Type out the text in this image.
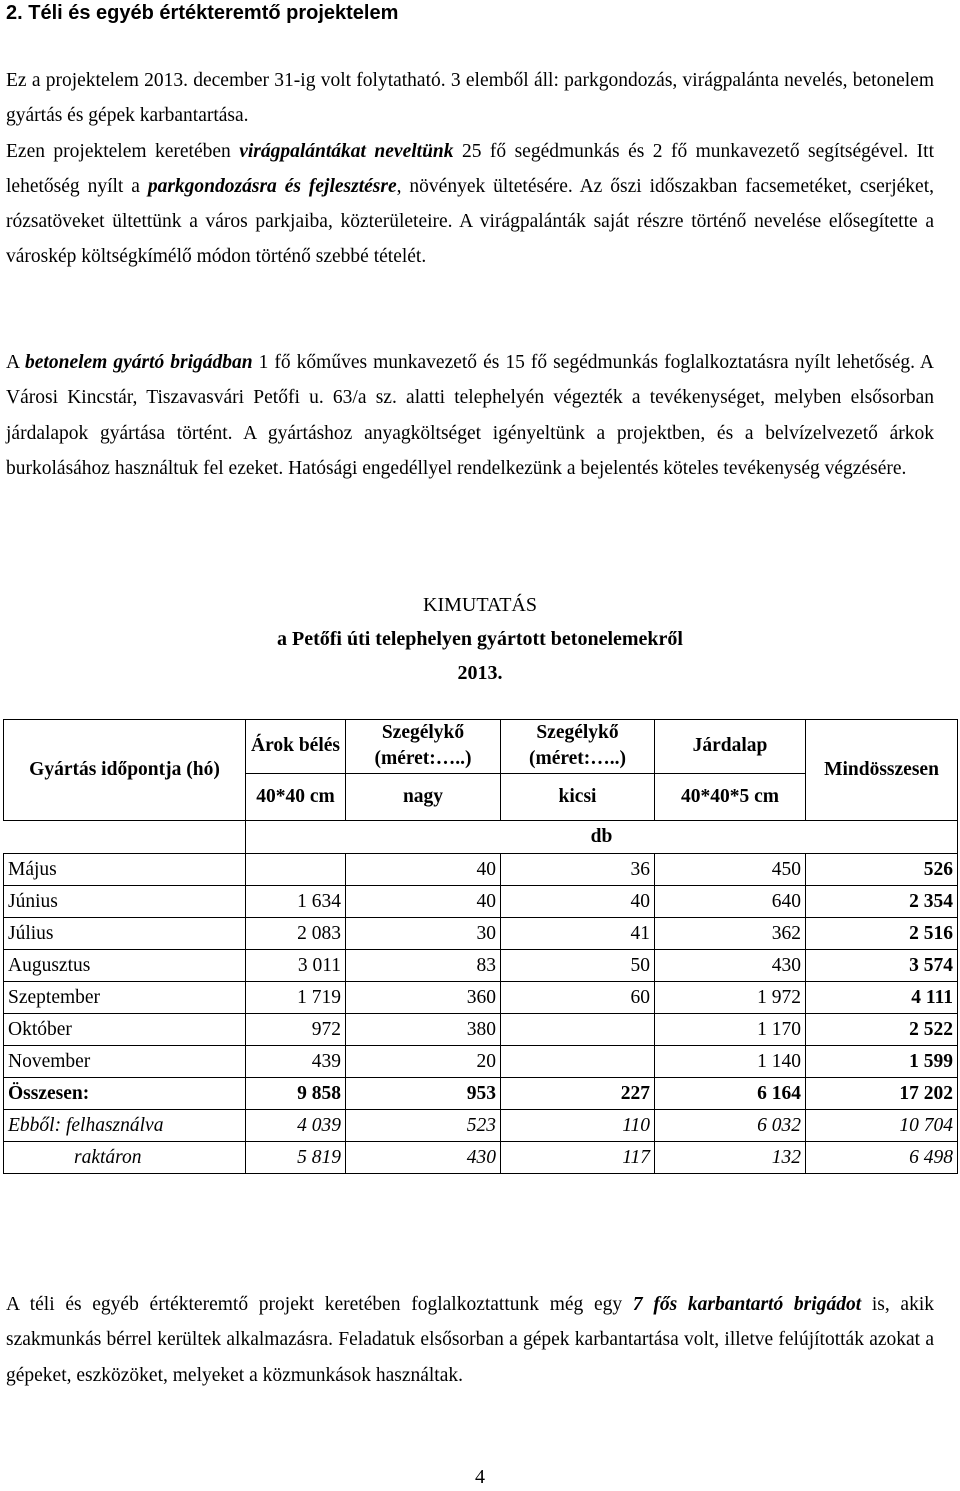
2. Téli és egyéb értékteremtő projektelem
Ez a projektelem 2013. december 31-ig volt folytatható. 3 elemből áll: parkgondozás, virágpalánta nevelés, betonelem gyártás és gépek karbantartása.
Ezen projektelem keretében virágpalántákat neveltünk 25 fő segédmunkás és 2 fő munkavezető segítségével. Itt lehetőség nyílt a parkgondozásra és fejlesztésre, növények ültetésére. Az őszi időszakban facsemetéket, cserjéket, rózsatöveket ültettünk a város parkjaiba, közterületeire. A virágpalánták saját részre történő nevelése elősegítette a városkép költségkímélő módon történő szebbé tételét.
A betonelem gyártó brigádban 1 fő kőműves munkavezető és 15 fő segédmunkás foglalkoztatásra nyílt lehetőség. A Városi Kincstár, Tiszavasvári Petőfi u. 63/a sz. alatti telephelyén végezték a tevékenységet, melyben elsősorban járdalapok gyártása történt. A gyártáshoz anyagköltséget igényeltünk a projektben, és a belvízelvezető árkok burkolásához használtuk fel ezeket. Hatósági engedéllyel rendelkezünk a bejelentés köteles tevékenység végzésére.
KIMUTATÁS
a Petőfi úti telephelyen gyártott betonelemekről
2013.
Gyártás időpontja (hó)	Árok bélés	Szegélykő (méret:…..)	Szegélykő (méret:…..)	Járdalap	Mindösszesen
	40*40 cm	nagy	kicsi	40*40*5 cm	
	db				
Május		40	36	450	526
Június	1 634	40	40	640	2 354
Július	2 083	30	41	362	2 516
Augusztus	3 011	83	50	430	3 574
Szeptember	1 719	360	60	1 972	4 111
Október	972	380		1 170	2 522
November	439	20		1 140	1 599
Összesen:	9 858	953	227	6 164	17 202
Ebből: felhasználva	4 039	523	110	6 032	10 704
raktáron	5 819	430	117	132	6 498
A téli és egyéb értékteremtő projekt keretében foglalkoztattunk még egy 7 fős karbantartó brigádot is, akik szakmunkás bérrel kerültek alkalmazásra. Feladatuk elsősorban a gépek karbantartása volt, illetve felújították azokat a gépeket, eszközöket, melyeket a közmunkások használtak.
4
